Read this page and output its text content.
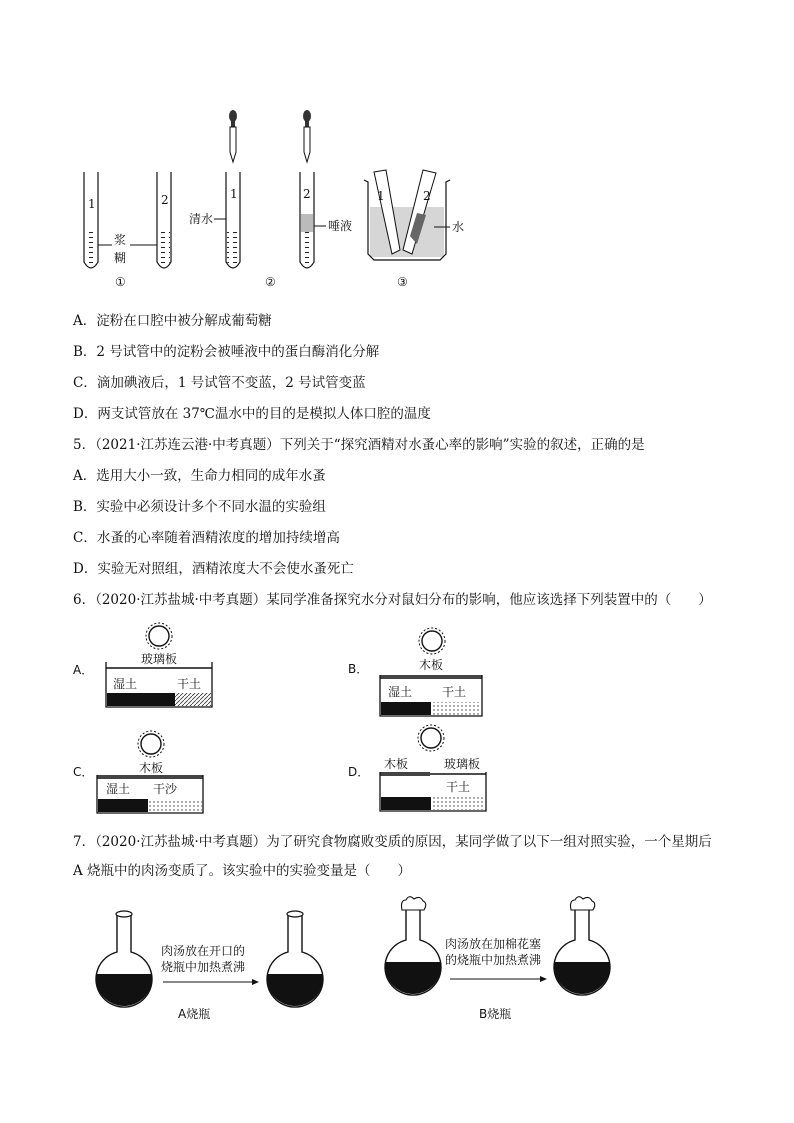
1	2
浆
糊
①
1
清水
2
唾液
②
1	2
水
③
A．淀粉在口腔中被分解成葡萄糖
B．2 号试管中的淀粉会被唾液中的蛋白酶消化分解
C．滴加碘液后，1 号试管不变蓝，2 号试管变蓝
D．两支试管放在 37℃温水中的目的是模拟人体口腔的温度
5．（2021·江苏连云港·中考真题）下列关于“探究酒精对水蚤心率的影响”实验的叙述，正确的是
A．选用大小一致，生命力相同的成年水蚤
B．实验中必须设计多个不同水温的实验组
C．水蚤的心率随着酒精浓度的增加持续增高
D．实验无对照组，酒精浓度大不会使水蚤死亡
6．（2020·江苏盐城·中考真题）某同学准备探究水分对鼠妇分布的影响，他应该选择下列装置中的（　　）
A．
湿土	干土
玻璃板
B．
湿土 干土
木板
C．
湿土 干沙
木板	D．
干土
木板	玻璃板
7．（2020·江苏盐城·中考真题）为了研究食物腐败变质的原因，某同学做了以下一组对照实验，一个星期后
A 烧瓶中的肉汤变质了。该实验中的实验变量是（　　）
肉汤放在开口的
烧瓶中加热煮沸
A烧瓶
肉汤放在加棉花塞
的烧瓶中加热煮沸
B烧瓶
